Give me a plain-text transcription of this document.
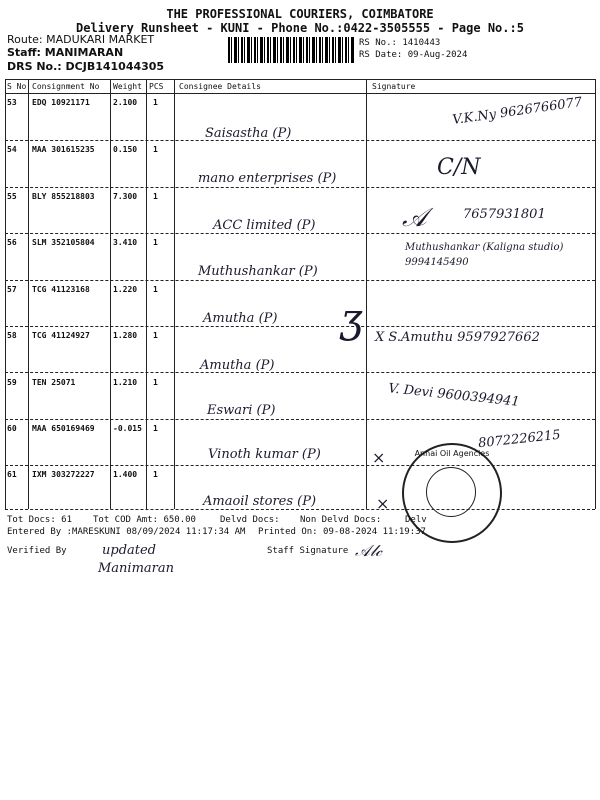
THE PROFESSIONAL COURIERS, COIMBATORE
Delivery Runsheet - KUNI - Phone No.:0422-3505555 - Page No.:5
Route: MADUKARI MARKET
Staff: MANIMARAN
DRS No.: DCJB141044305
RS No.: 1410443
RS Date: 09-Aug-2024
S No Consignment No Weight PCS Consignee Details	Signature
53 EDQ 10921171	2.100 1
Saisastha (P)
V.K.Ny 9626766077
54 MAA 301615235 0.150 1
mano enterprises (P)	C/N
55 BLY 855218803 7.300 1
ACC limited (P)	𝒜	7657931801
56 SLM 352105804 3.410 1
Muthushankar (P)
Muthushankar (Kaligna studio) 9994145490
57 TCG 41123168	1.220 1
Amutha (P) ʒ
58 TCG 41124927	1.280 1
Amutha (P)
X S.Amuthu 9597927662
59 TEN 25071	1.210 1
Eswari (P)
V. Devi 9600394941
60 MAA 650169469 -0.015 1
Vinoth kumar (P)
8072226215
×
61 IXM 303272227 1.400 1
Amaoil stores (P)	×
Annai Oil Agencies
Tot Docs: 61 Tot COD Amt: 650.00	Delvd Docs: Non Delvd Docs:	Delv
Entered By :MARESKUNI 08/09/2024 11:17:34 AM Printed On: 09-08-2024 11:19:37
Verified By	updated
Manimaran
Staff Signature 𝒜𝓁𝒸
